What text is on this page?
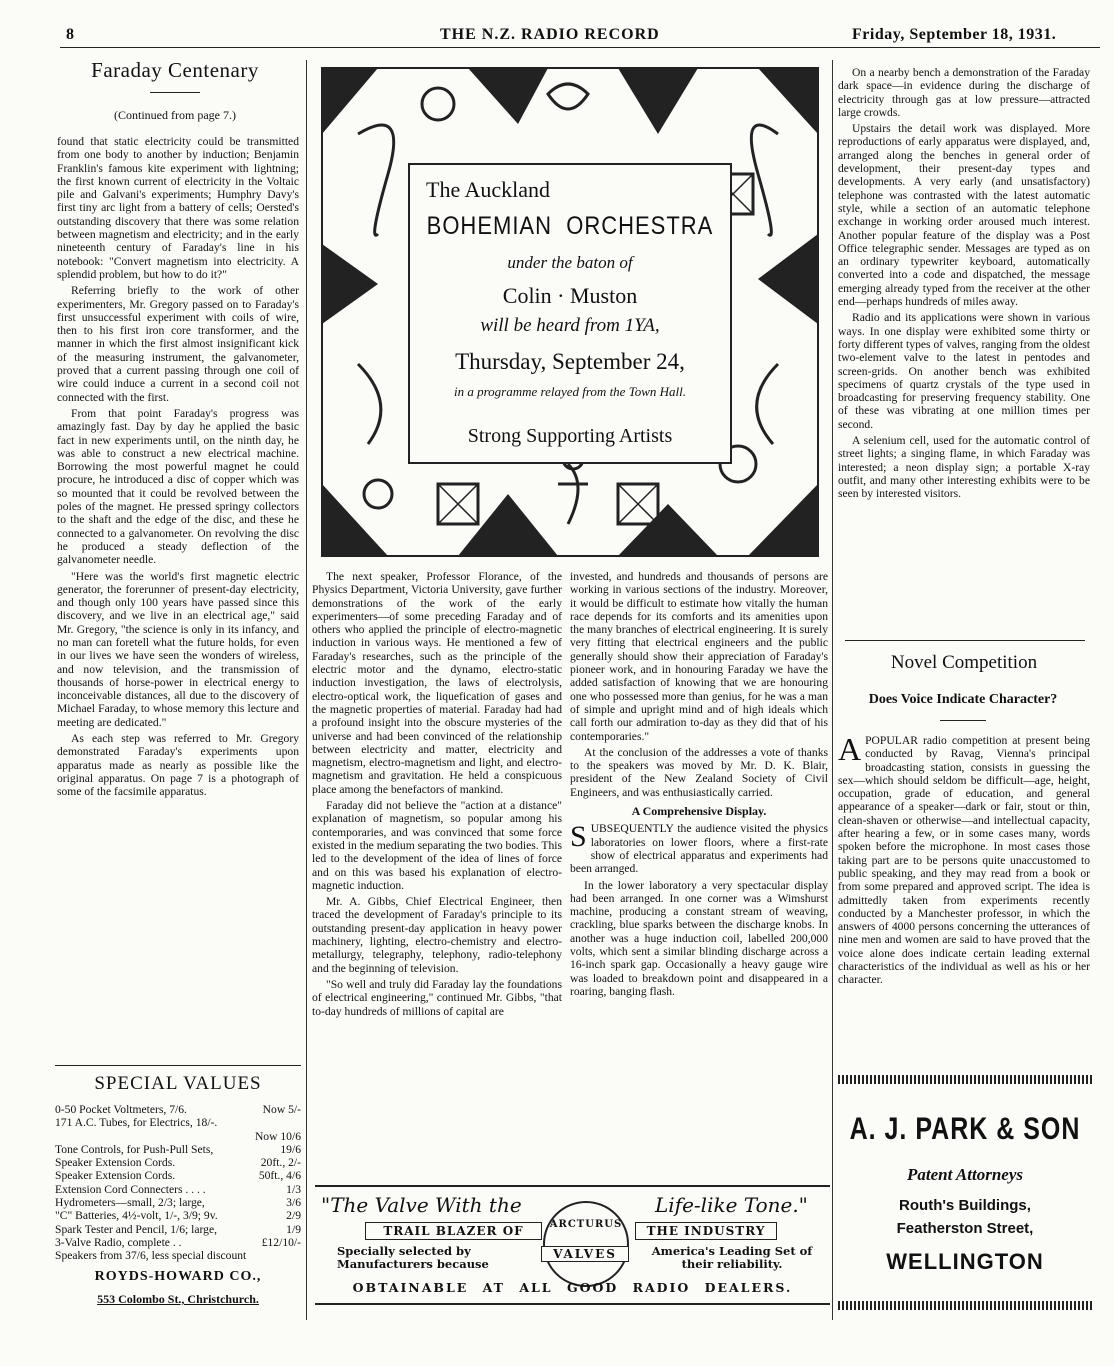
8	THE N.Z. RADIO RECORD	Friday, September 18, 1931.
Faraday Centenary
(Continued from page 7.)

found that static electricity could be transmitted from one body to another by induction; Benjamin Franklin's famous kite experiment with lightning; the first known current of electricity in the Voltaic pile and Galvani's experiments; Humphry Davy's first tiny arc light from a battery of cells; Oersted's outstanding discovery that there was some relation between magnetism and electricity; and in the early nineteenth century of Faraday's line in his notebook: "Convert magnetism into electricity. A splendid problem, but how to do it?"

Referring briefly to the work of other experimenters, Mr. Gregory passed on to Faraday's first unsuccessful experiment with coils of wire, then to his first iron core transformer, and the manner in which the first almost insignificant kick of the measuring instrument, the galvanometer, proved that a current passing through one coil of wire could induce a current in a second coil not connected with the first.

From that point Faraday's progress was amazingly fast. Day by day he applied the basic fact in new experiments until, on the ninth day, he was able to construct a new electrical machine. Borrowing the most powerful magnet he could procure, he introduced a disc of copper which was so mounted that it could be revolved between the poles of the magnet. He pressed springy collectors to the shaft and the edge of the disc, and these he connected to a galvanometer. On revolving the disc he produced a steady deflection of the galvanometer needle.

"Here was the world's first magnetic electric generator, the forerunner of present-day electricity, and though only 100 years have passed since this discovery, and we live in an electrical age," said Mr. Gregory, "the science is only in its infancy, and no man can foretell what the future holds, for even in our lives we have seen the wonders of wireless, and now television, and the transmission of thousands of horse-power in electrical energy to inconceivable distances, all due to the discovery of Michael Faraday, to whose memory this lecture and meeting are dedicated."

As each step was referred to Mr. Gregory demonstrated Faraday's experiments upon apparatus made as nearly as possible like the original apparatus. On page 7 is a photograph of some of the facsimile apparatus.

SPECIAL VALUES
0-50 Pocket Voltmeters, 7/6.	Now 5/-
171 A.C. Tubes, for Electrics, 18/-.
Now 10/6
Tone Controls, for Push-Pull Sets,	19/6
Speaker Extension Cords.	20ft., 2/-
Speaker Extension Cords.	50ft., 4/6
Extension Cord Connecters . . . .	1/3
Hydrometers—small, 2/3; large,	3/6
"C" Batteries, 4½-volt, 1/-, 3/9; 9v.	2/9
Spark Tester and Pencil, 1/6; large,	1/9
3-Valve Radio, complete . .	£12/10/-
Speakers from 37/6, less special discount
ROYDS-HOWARD CO.,
553 Colombo St., Christchurch.
The Auckland
BOHEMIAN  ORCHESTRA
under the baton of
Colin · Muston
will be heard from 1YA,
Thursday, September 24,
in a programme relayed from the Town Hall.
Strong Supporting Artists

The next speaker, Professor Florance, of the Physics Department, Victoria University, gave further demonstrations of the work of the early experimenters—of some preceding Faraday and of others who applied the principle of electro-magnetic induction in various ways. He mentioned a few of Faraday's researches, such as the principle of the electric motor and the dynamo, electro-static induction investigation, the laws of electrolysis, electro-optical work, the liquefication of gases and the magnetic properties of material. Faraday had had a profound insight into the obscure mysteries of the universe and had been convinced of the relationship between electricity and matter, electricity and magnetism, electro-magnetism and light, and electro-magnetism and gravitation. He held a conspicuous place among the benefactors of mankind.

Faraday did not believe the "action at a distance" explanation of magnetism, so popular among his contemporaries, and was convinced that some force existed in the medium separating the two bodies. This led to the development of the idea of lines of force and on this was based his explanation of electro-magnetic induction.

Mr. A. Gibbs, Chief Electrical Engineer, then traced the development of Faraday's principle to its outstanding present-day application in heavy power machinery, lighting, electro-chemistry and electro-metallurgy, telegraphy, telephony, radio-telephony and the beginning of television.

"So well and truly did Faraday lay the foundations of electrical engineering," continued Mr. Gibbs, "that to-day hundreds of millions of capital are

invested, and hundreds and thousands of persons are working in various sections of the industry. Moreover, it would be difficult to estimate how vitally the human race depends for its comforts and its amenities upon the many branches of electrical engineering. It is surely very fitting that electrical engineers and the public generally should show their appreciation of Faraday's pioneer work, and in honouring Faraday we have the added satisfaction of knowing that we are honouring one who possessed more than genius, for he was a man of simple and upright mind and of high ideals which call forth our admiration to-day as they did that of his contemporaries."

At the conclusion of the addresses a vote of thanks to the speakers was moved by Mr. D. K. Blair, president of the New Zealand Society of Civil Engineers, and was enthusiastically carried.

A Comprehensive Display.

SUBSEQUENTLY the audience visited the physics laboratories on lower floors, where a first-rate show of electrical apparatus and experiments had been arranged.

In the lower laboratory a very spectacular display had been arranged. In one corner was a Wimshurst machine, producing a constant stream of weaving, crackling, blue sparks between the discharge knobs. In another was a huge induction coil, labelled 200,000 volts, which sent a similar blinding discharge across a 16-inch spark gap. Occasionally a heavy gauge wire was loaded to breakdown point and disappeared in a roaring, banging flash.

"The Valve With the	Life-like Tone."
TRAIL BLAZER OF	THE INDUSTRY
ARCTURUS
VALVES
Specially selected by Manufacturers because
America's Leading Set of their reliability.
OBTAINABLE AT ALL GOOD RADIO DEALERS.

On a nearby bench a demonstration of the Faraday dark space—in evidence during the discharge of electricity through gas at low pressure—attracted large crowds.

Upstairs the detail work was displayed. More reproductions of early apparatus were displayed, and, arranged along the benches in general order of development, their present-day types and developments. A very early (and unsatisfactory) telephone was contrasted with the latest automatic style, while a section of an automatic telephone exchange in working order aroused much interest. Another popular feature of the display was a Post Office telegraphic sender. Messages are typed as on an ordinary typewriter keyboard, automatically converted into a code and dispatched, the message emerging already typed from the receiver at the other end—perhaps hundreds of miles away.

Radio and its applications were shown in various ways. In one display were exhibited some thirty or forty different types of valves, ranging from the oldest two-element valve to the latest in pentodes and screen-grids. On another bench was exhibited specimens of quartz crystals of the type used in broadcasting for preserving frequency stability. One of these was vibrating at one million times per second.

A selenium cell, used for the automatic control of street lights; a singing flame, in which Faraday was interested; a neon display sign; a portable X-ray outfit, and many other interesting exhibits were to be seen by interested visitors.

Novel Competition
Does Voice Indicate Character?

APOPULAR radio competition at present being conducted by Ravag, Vienna's principal broadcasting station, consists in guessing the sex—which should seldom be difficult—age, height, occupation, grade of education, and general appearance of a speaker—dark or fair, stout or thin, clean-shaven or otherwise—and intellectual capacity, after hearing a few, or in some cases many, words spoken before the microphone. In most cases those taking part are to be persons quite unaccustomed to public speaking, and they may read from a book or from some prepared and approved script. The idea is admittedly taken from experiments recently conducted by a Manchester professor, in which the answers of 4000 persons concerning the utterances of nine men and women are said to have proved that the voice alone does indicate certain leading external characteristics of the individual as well as his or her character.

A. J. PARK & SON
Patent Attorneys
Routh's Buildings,
Featherston Street,
WELLINGTON
